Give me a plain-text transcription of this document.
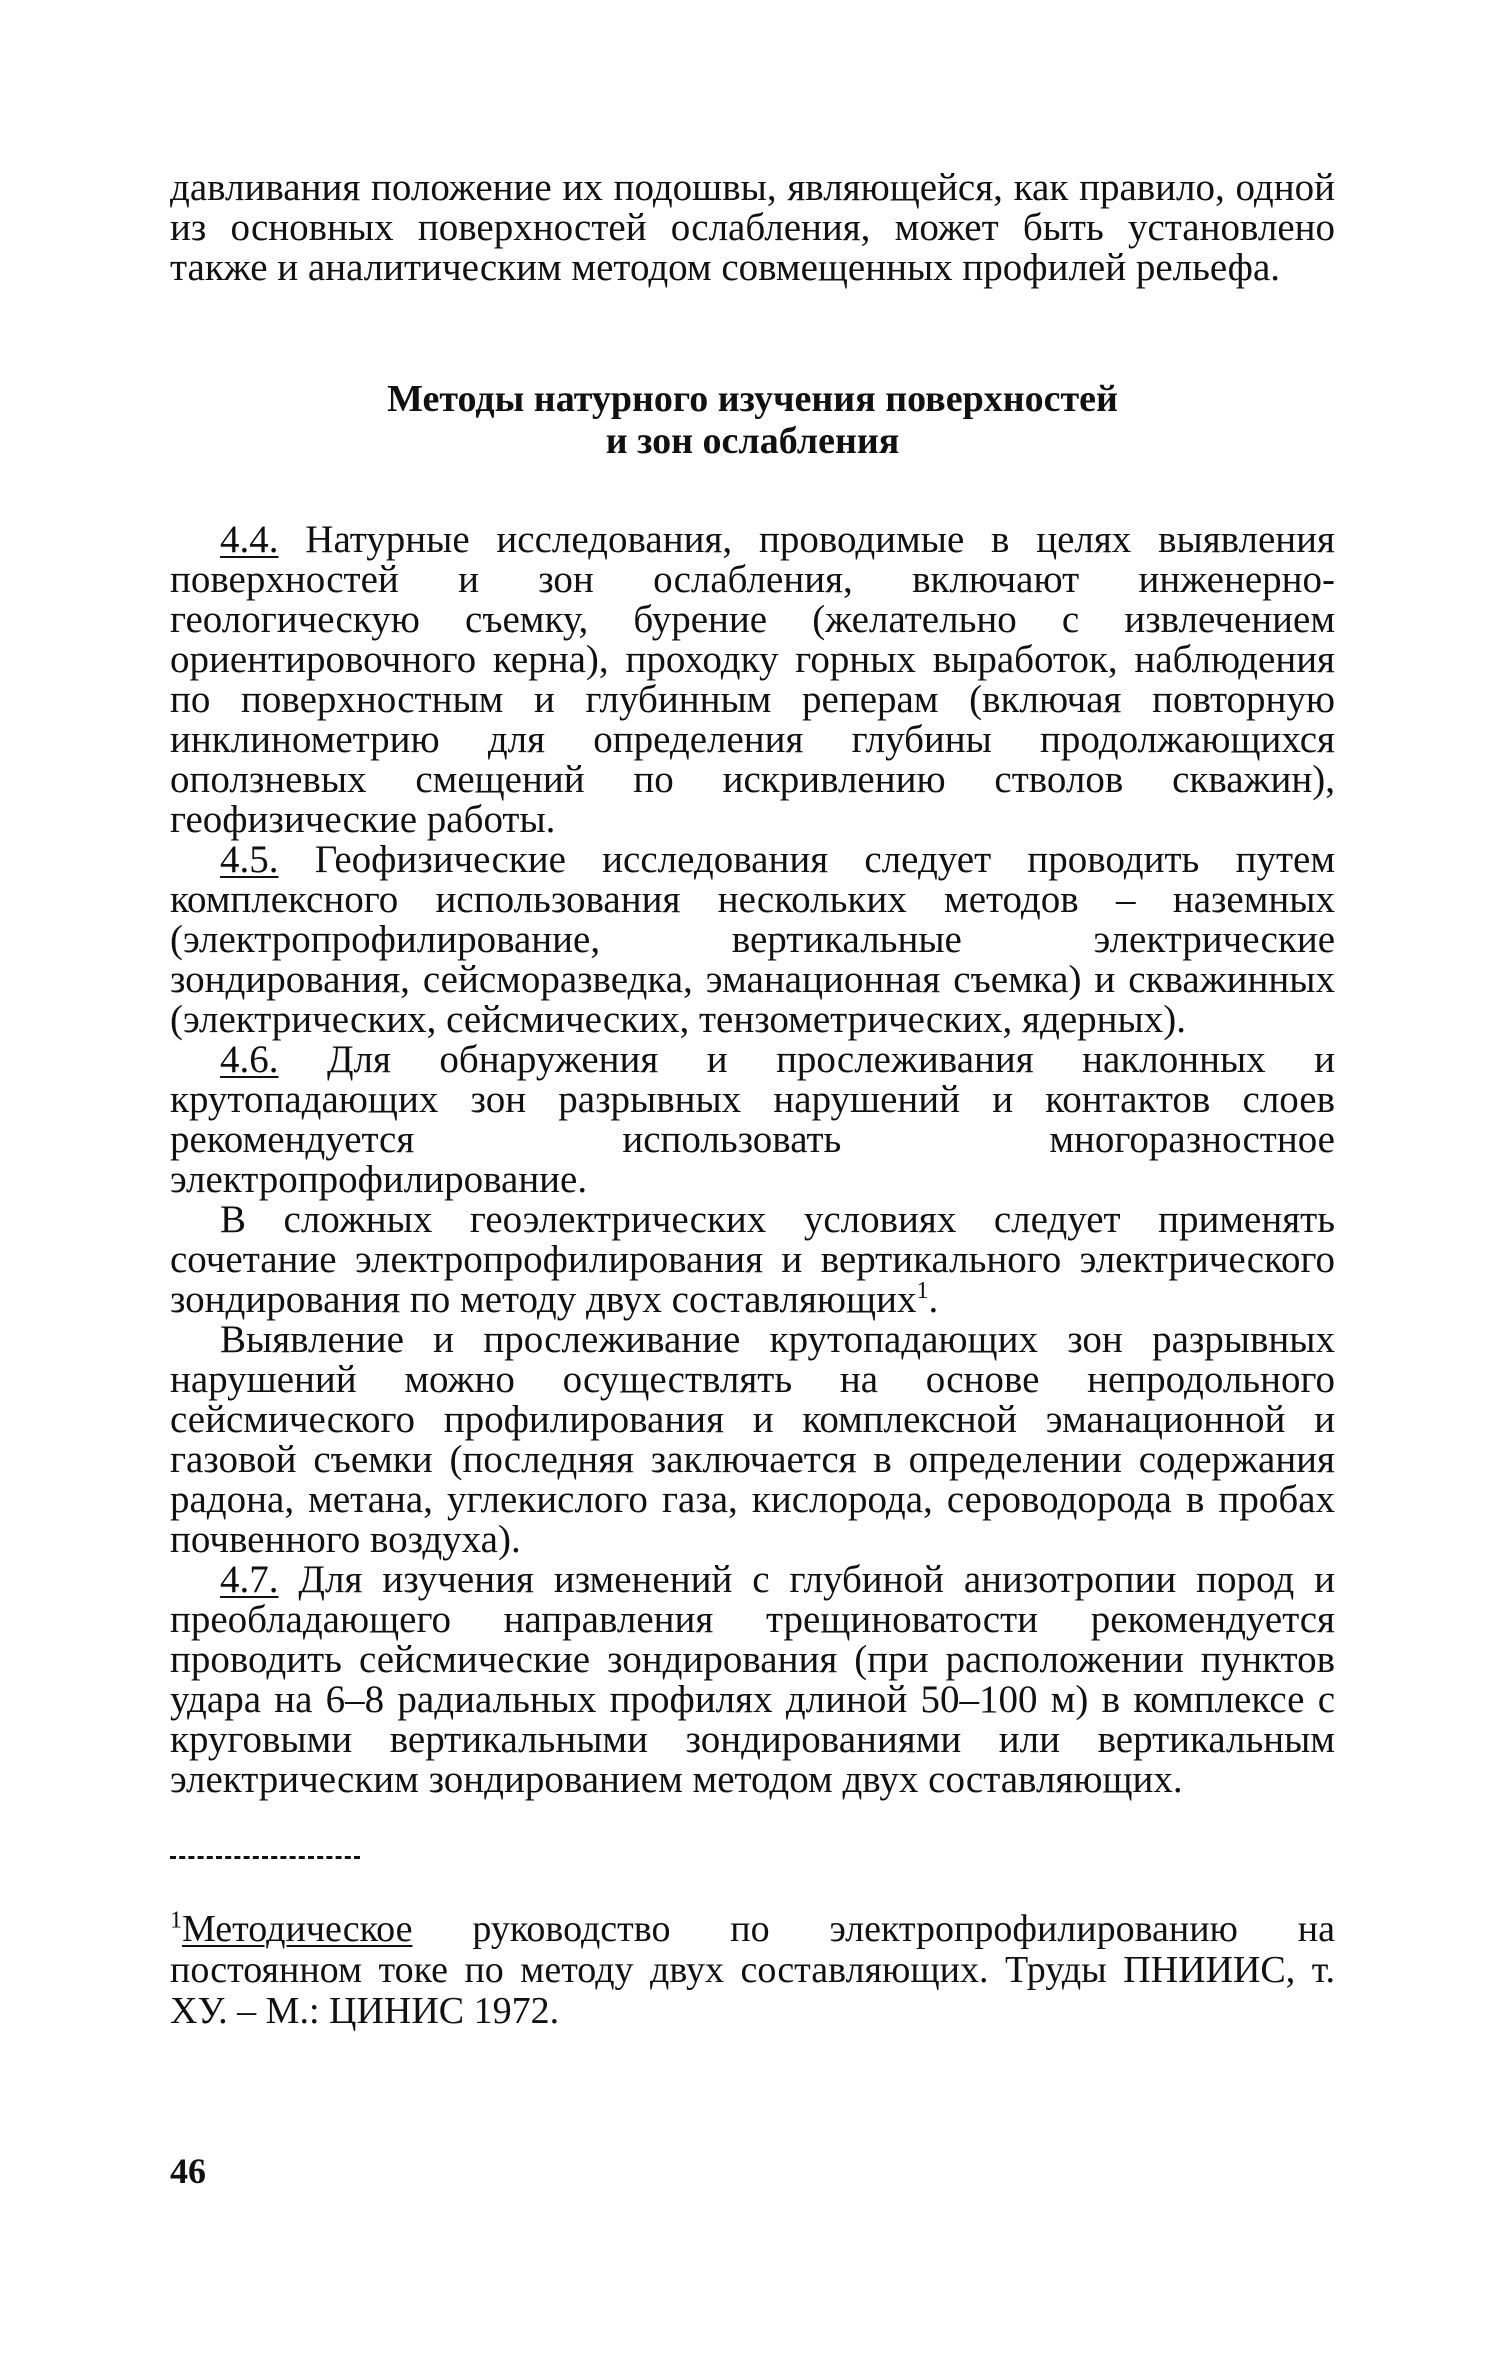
давливания положение их подошвы, являющейся, как правило, одной из основных поверхностей ослабления, может быть установлено также и аналитическим методом совмещенных профилей рельефа.

Методы натурного изучения поверхностей
и зон ослабления

4.4. Натурные исследования, проводимые в целях выявления поверхностей и зон ослабления, включают инженерно-геологическую съемку, бурение (желательно с извлечением ориентировочного керна), проходку горных выработок, наблюдения по поверхностным и глубинным реперам (включая повторную инклинометрию для определения глубины продолжающихся оползневых смещений по искривлению стволов скважин), геофизические работы.

4.5. Геофизические исследования следует проводить путем комплексного использования нескольких методов – наземных (электропрофилирование, вертикальные электрические зондирования, сейсморазведка, эманационная съемка) и скважинных (электрических, сейсмических, тензометрических, ядерных).

4.6. Для обнаружения и прослеживания наклонных и крутопадающих зон разрывных нарушений и контактов слоев рекомендуется использовать многоразностное электропрофилирование.

В сложных геоэлектрических условиях следует применять сочетание электропрофилирования и вертикального электрического зондирования по методу двух составляющих$^1$.

Выявление и прослеживание крутопадающих зон разрывных нарушений можно осуществлять на основе непродольного сейсмического профилирования и комплексной эманационной и газовой съемки (последняя заключается в определении содержания радона, метана, углекислого газа, кислорода, сероводорода в пробах почвенного воздуха).

4.7. Для изучения изменений с глубиной анизотропии пород и преобладающего направления трещиноватости рекомендуется проводить сейсмические зондирования (при расположении пунктов удара на 6–8 радиальных профилях длиной 50–100 м) в комплексе с круговыми вертикальными зондированиями или вертикальным электрическим зондированием методом двух составляющих.

$^1$Методическое руководство по электропрофилированию на постоянном токе по методу двух составляющих. Труды ПНИИИС, т. ХУ. – М.: ЦИНИС 1972.

46
